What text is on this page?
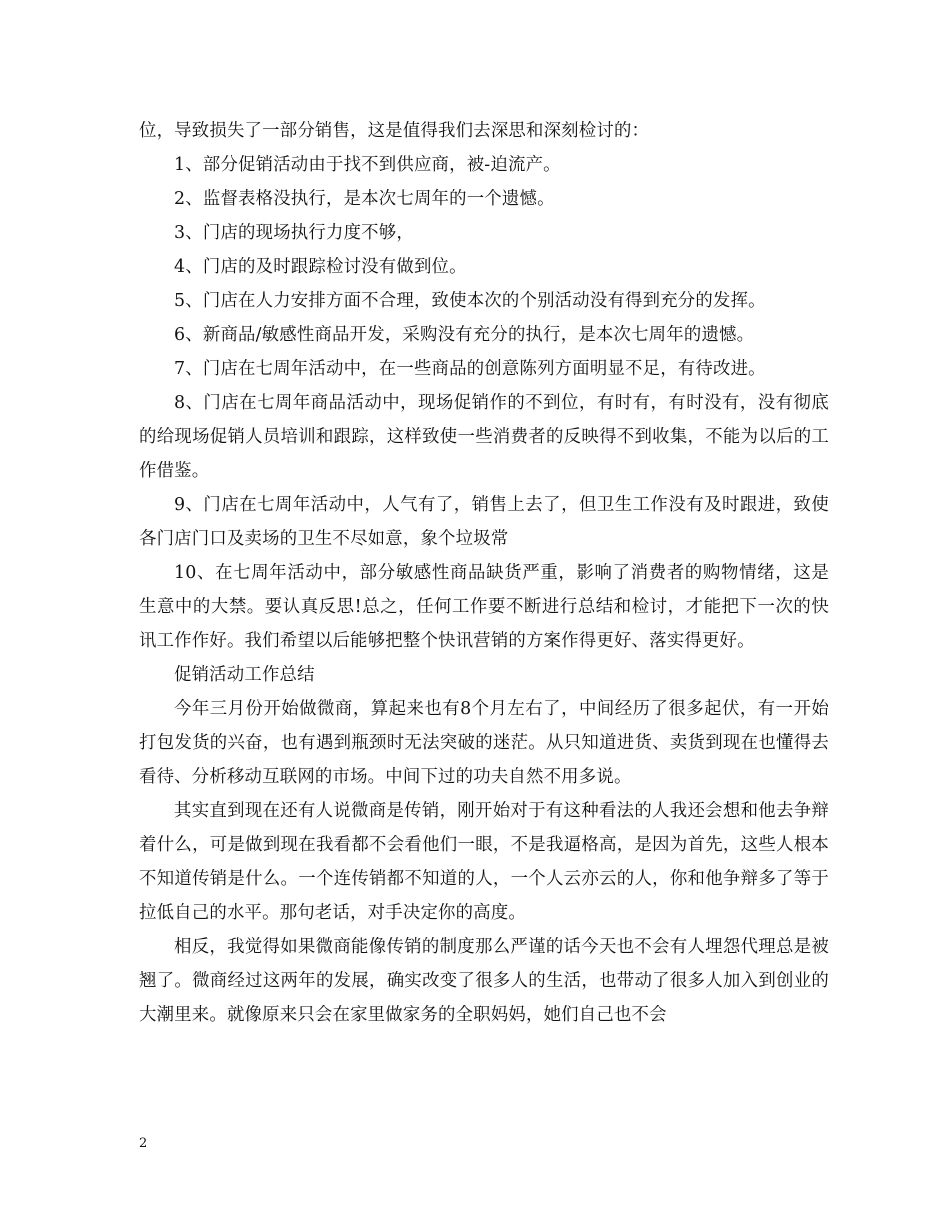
位，导致损失了一部分销售，这是值得我们去深思和深刻检讨的：

1、部分促销活动由于找不到供应商，被-迫流产。

2、监督表格没执行，是本次七周年的一个遗憾。

3、门店的现场执行力度不够，

4、门店的及时跟踪检讨没有做到位。

5、门店在人力安排方面不合理，致使本次的个别活动没有得到充分的发挥。

6、新商品/敏感性商品开发，采购没有充分的执行，是本次七周年的遗憾。

7、门店在七周年活动中，在一些商品的创意陈列方面明显不足，有待改进。

8、门店在七周年商品活动中，现场促销作的不到位，有时有，有时没有，没有彻底的给现场促销人员培训和跟踪，这样致使一些消费者的反映得不到收集，不能为以后的工作借鉴。

9、门店在七周年活动中，人气有了，销售上去了，但卫生工作没有及时跟进，致使各门店门口及卖场的卫生不尽如意，象个垃圾常

10、在七周年活动中，部分敏感性商品缺货严重，影响了消费者的购物情绪，这是生意中的大禁。要认真反思!总之，任何工作要不断进行总结和检讨，才能把下一次的快讯工作作好。我们希望以后能够把整个快讯营销的方案作得更好、落实得更好。

促销活动工作总结

今年三月份开始做微商，算起来也有8个月左右了，中间经历了很多起伏，有一开始打包发货的兴奋，也有遇到瓶颈时无法突破的迷茫。从只知道进货、卖货到现在也懂得去看待、分析移动互联网的市场。中间下过的功夫自然不用多说。

其实直到现在还有人说微商是传销，刚开始对于有这种看法的人我还会想和他去争辩着什么，可是做到现在我看都不会看他们一眼，不是我逼格高，是因为首先，这些人根本不知道传销是什么。一个连传销都不知道的人，一个人云亦云的人，你和他争辩多了等于拉低自己的水平。那句老话，对手决定你的高度。

相反，我觉得如果微商能像传销的制度那么严谨的话今天也不会有人埋怨代理总是被翘了。微商经过这两年的发展，确实改变了很多人的生活，也带动了很多人加入到创业的大潮里来。就像原来只会在家里做家务的全职妈妈，她们自己也不会

2
